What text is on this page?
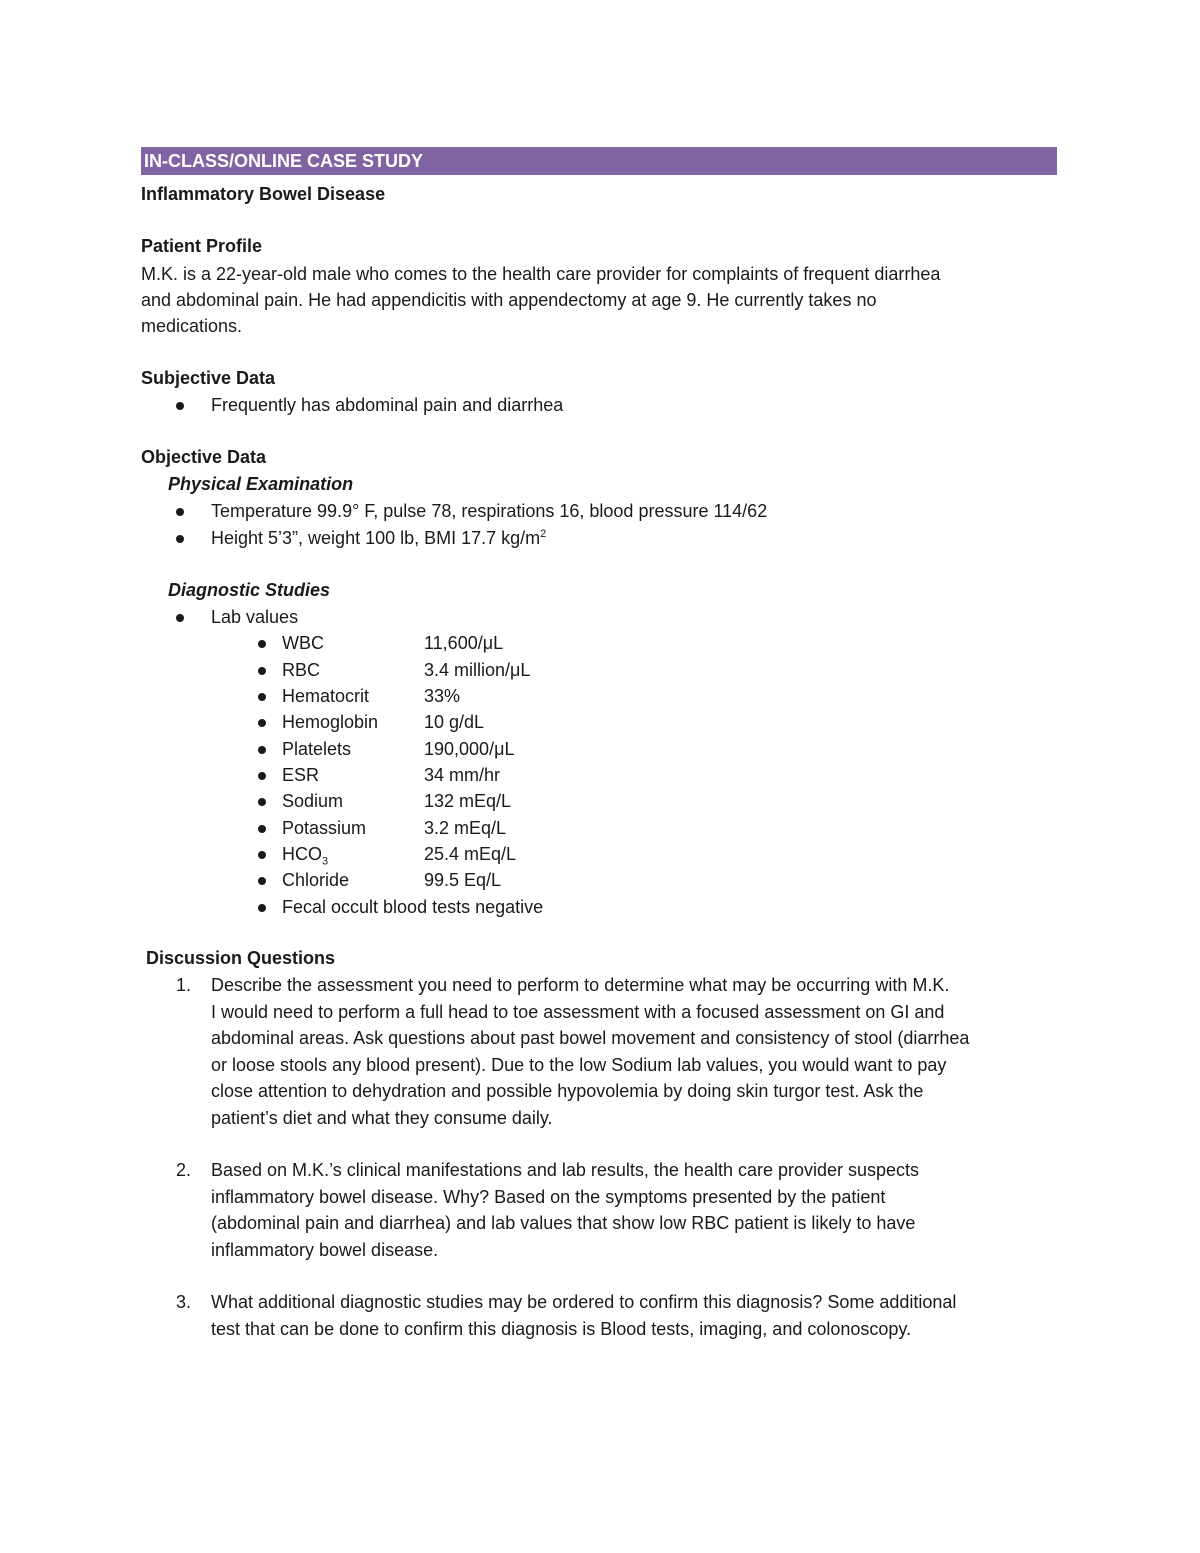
IN-CLASS/ONLINE CASE STUDY
Inflammatory Bowel Disease
Patient Profile
M.K. is a 22-year-old male who comes to the health care provider for complaints of frequent diarrhea
and abdominal pain. He had appendicitis with appendectomy at age 9. He currently takes no
medications.
Subjective Data
Frequently has abdominal pain and diarrhea
Objective Data
Physical Examination
Temperature 99.9° F, pulse 78, respirations 16, blood pressure 114/62
Height 5’3”, weight 100 lb, BMI 17.7 $kg/m^2$
Diagnostic Studies
Lab values
WBC	11,600/μL
RBC	3.4 million/μL
Hematocrit	33%
Hemoglobin	10 g/dL
Platelets	190,000/μL
ESR	34 mm/hr
Sodium	132 mEq/L
Potassium	3.2 mEq/L
$HCO_3$	25.4 mEq/L
Chloride	99.5 Eq/L
Fecal occult blood tests negative
Discussion Questions
1. Describe the assessment you need to perform to determine what may be occurring with M.K.
I would need to perform a full head to toe assessment with a focused assessment on GI and
abdominal areas. Ask questions about past bowel movement and consistency of stool (diarrhea
or loose stools any blood present). Due to the low Sodium lab values, you would want to pay
close attention to dehydration and possible hypovolemia by doing skin turgor test. Ask the
patient’s diet and what they consume daily.
2. Based on M.K.’s clinical manifestations and lab results, the health care provider suspects
inflammatory bowel disease. Why? Based on the symptoms presented by the patient
(abdominal pain and diarrhea) and lab values that show low RBC patient is likely to have
inflammatory bowel disease.
3. What additional diagnostic studies may be ordered to confirm this diagnosis? Some additional
test that can be done to confirm this diagnosis is Blood tests, imaging, and colonoscopy.
